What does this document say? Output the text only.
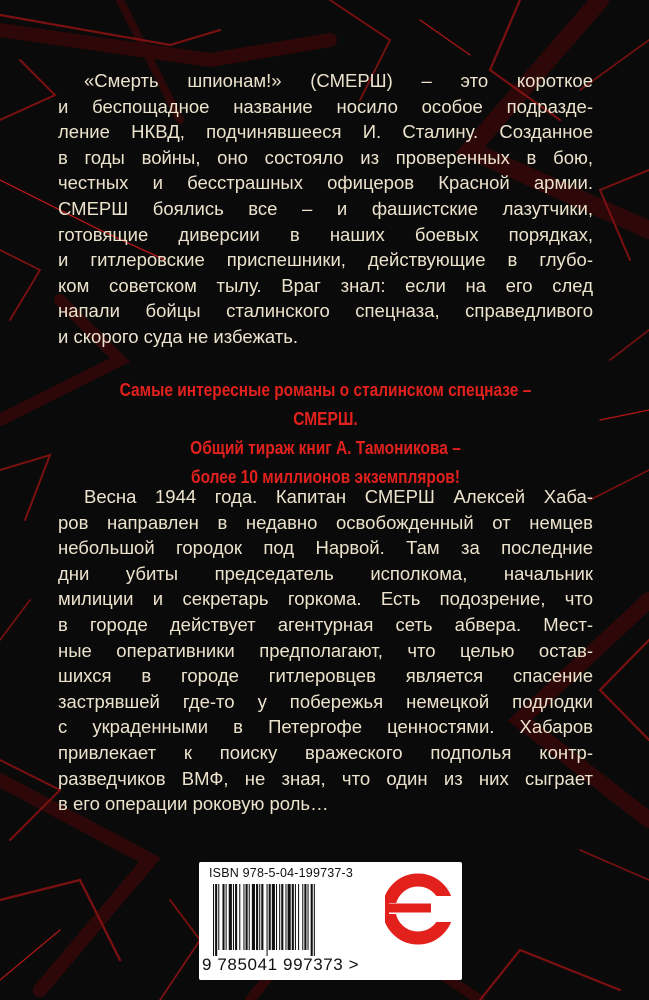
«Смерть шпионам!» (СМЕРШ) – это короткое
и беспощадное название носило особое подразде-
ление НКВД, подчинявшееся И. Сталину. Созданное
в годы войны, оно состояло из проверенных в бою,
честных и бесстрашных офицеров Красной армии.
СМЕРШ боялись все – и фашистские лазутчики,
готовящие диверсии в наших боевых порядках,
и гитлеровские приспешники, действующие в глубо-
ком советском тылу. Враг знал: если на его след
напали бойцы сталинского спецназа, справедливого
и скорого суда не избежать.

Самые интересные романы о сталинском спецназе – СМЕРШ.
Общий тираж книг А. Тамоникова –
более 10 миллионов экземпляров!

Весна 1944 года. Капитан СМЕРШ Алексей Хаба-
ров направлен в недавно освобожденный от немцев
небольшой городок под Нарвой. Там за последние
дни убиты председатель исполкома, начальник
милиции и секретарь горкома. Есть подозрение, что
в городе действует агентурная сеть абвера. Мест-
ные оперативники предполагают, что целью остав-
шихся в городе гитлеровцев является спасение
застрявшей где-то у побережья немецкой подлодки
с украденными в Петергофе ценностями. Хабаров
привлекает к поиску вражеского подполья контр-
разведчиков ВМФ, не зная, что один из них сыграет
в его операции роковую роль…

ISBN 978-5-04-199737-3
9 785041 997373 >
